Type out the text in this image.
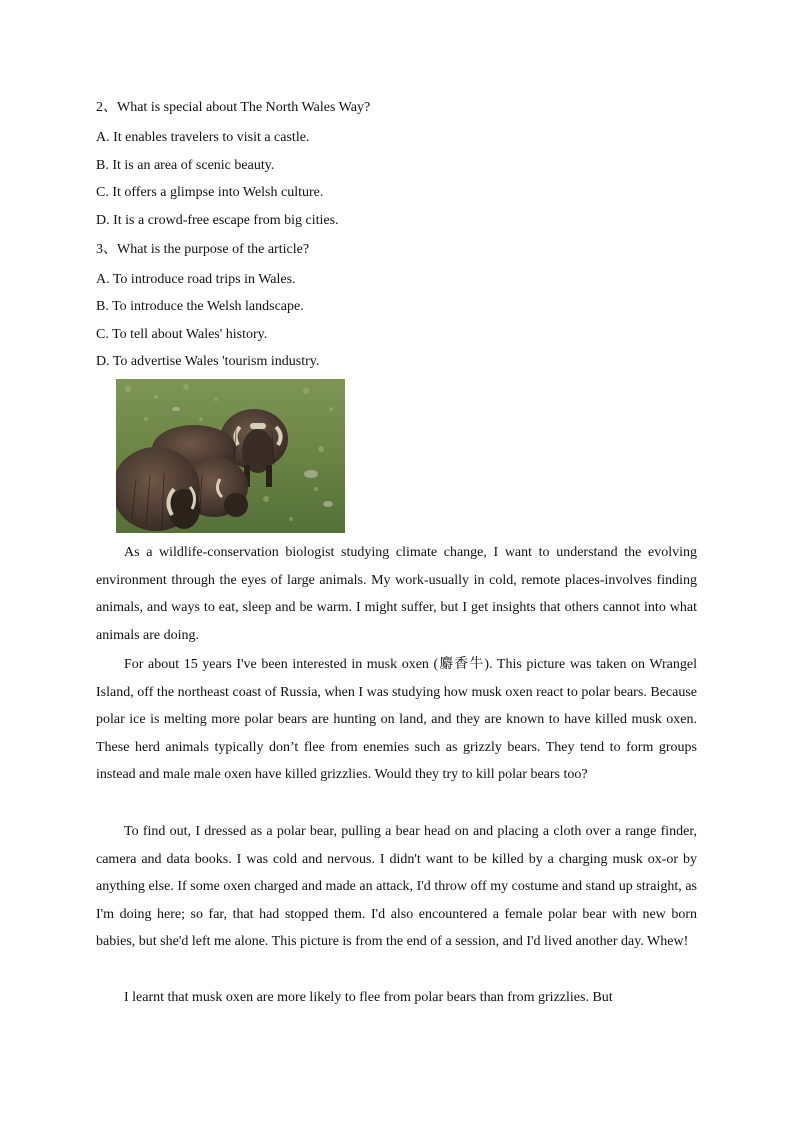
2、What is special about The North Wales Way?
A. It enables travelers to visit a castle.
B. It is an area of scenic beauty.
C. It offers a glimpse into Welsh culture.
D. It is a crowd-free escape from big cities.
3、What is the purpose of the article?
A. To introduce road trips in Wales.
B. To introduce the Welsh landscape.
C. To tell about Wales' history.
D. To advertise Wales 'tourism industry.
As a wildlife-conservation biologist studying climate change, I want to understand the evolving environment through the eyes of large animals. My work-usually in cold, remote places-involves finding animals, and ways to eat, sleep and be warm. I might suffer, but I get insights that others cannot into what animals are doing.
For about 15 years I've been interested in musk oxen (麝香牛). This picture was taken on Wrangel Island, off the northeast coast of Russia, when I was studying how musk oxen react to polar bears. Because polar ice is melting more polar bears are hunting on land, and they are known to have killed musk oxen. These herd animals typically don’t flee from enemies such as grizzly bears. They tend to form groups instead and male male oxen have killed grizzlies. Would they try to kill polar bears too?
To find out, I dressed as a polar bear, pulling a bear head on and placing a cloth over a range finder, camera and data books. I was cold and nervous. I didn't want to be killed by a charging musk ox-or by anything else. If some oxen charged and made an attack, I'd throw off my costume and stand up straight, as I'm doing here; so far, that had stopped them. I'd also encountered a female polar bear with new born babies, but she'd left me alone. This picture is from the end of a session, and I'd lived another day. Whew!
I learnt that musk oxen are more likely to flee from polar bears than from grizzlies. But
